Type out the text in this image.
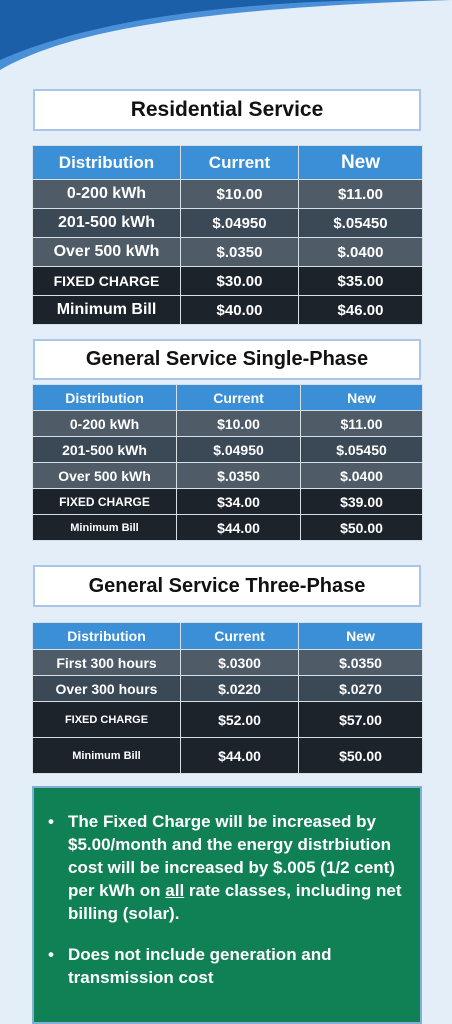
Residential Service
Distribution	Current	New
0-200 kWh	$10.00	$11.00
201-500 kWh	$.04950	$.05450
Over 500 kWh	$.0350	$.0400
FIXED CHARGE	$30.00	$35.00
Minimum Bill	$40.00	$46.00
General Service Single-Phase
Distribution	Current	New
0-200 kWh	$10.00	$11.00
201-500 kWh	$.04950	$.05450
Over 500 kWh	$.0350	$.0400
FIXED CHARGE	$34.00	$39.00
Minimum Bill	$44.00	$50.00
General Service Three-Phase
Distribution	Current	New
First 300 hours	$.0300	$.0350
Over 300 hours	$.0220	$.0270
FIXED CHARGE	$52.00	$57.00
Minimum Bill	$44.00	$50.00
• The Fixed Charge will be increased by $5.00/month and the energy distrbiution cost will be increased by $.005 (1/2 cent) per kWh on all rate classes, including net billing (solar).
• Does not include generation and transmission cost
